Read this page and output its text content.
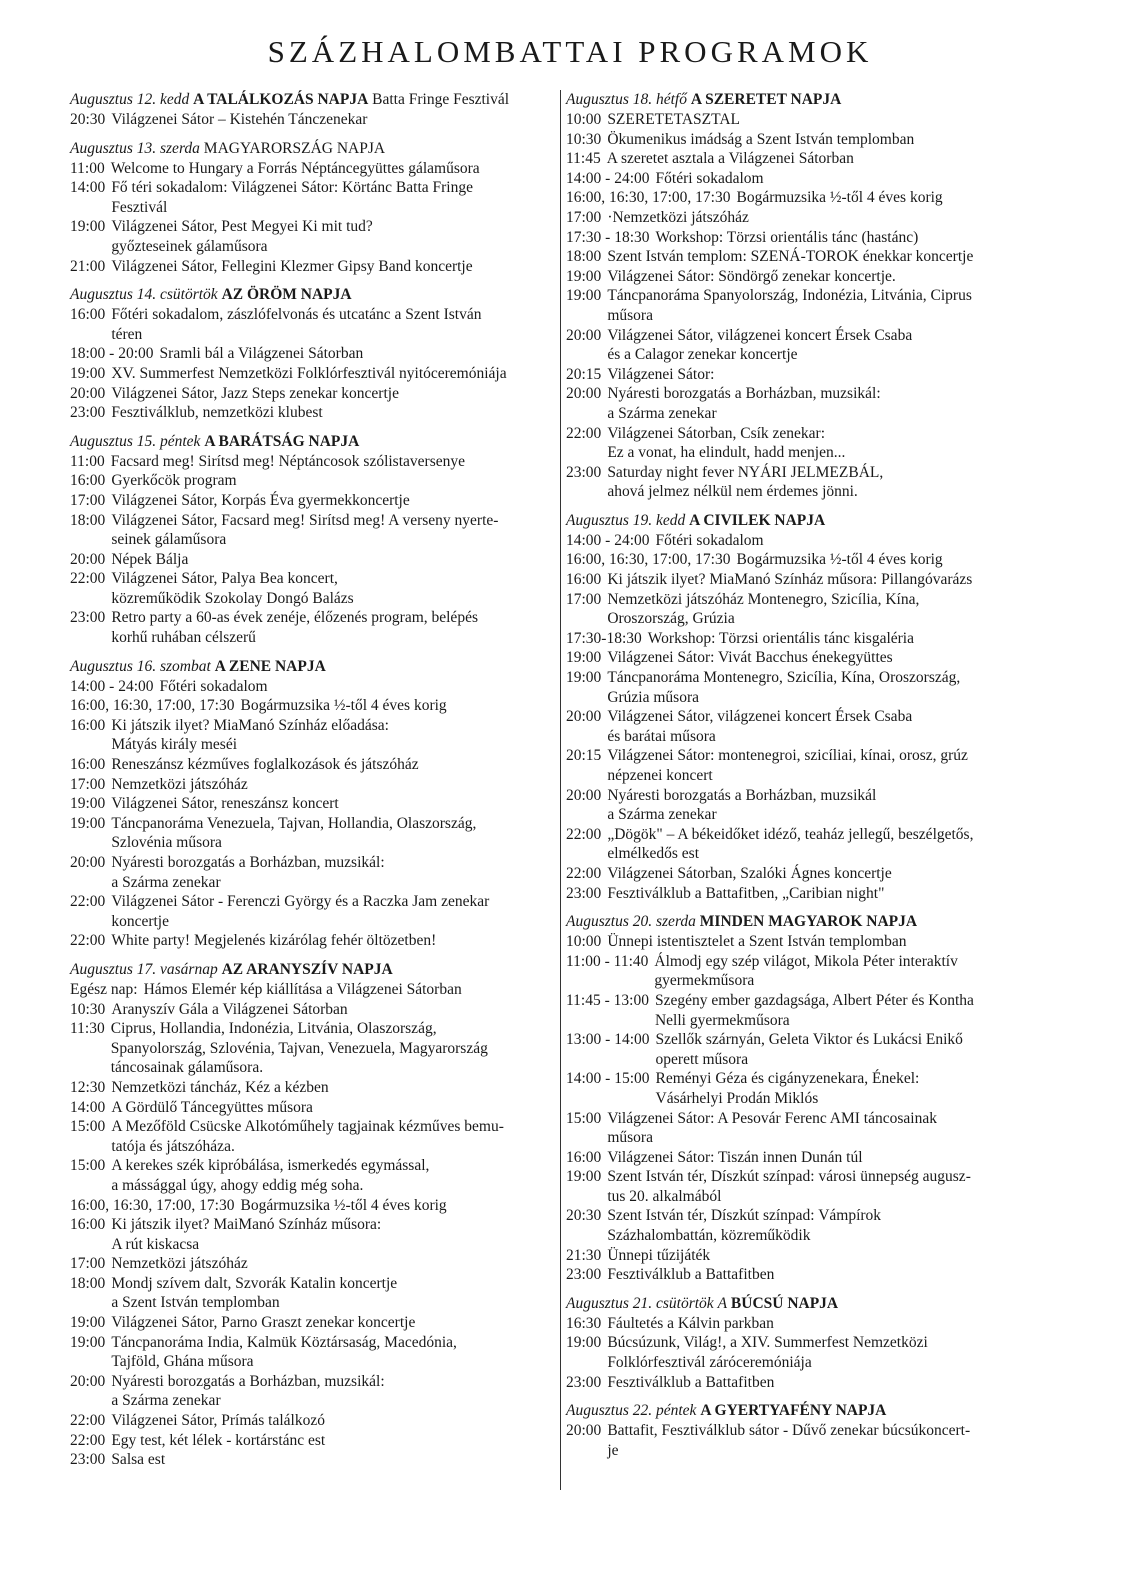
SZÁZHALOMBATTAI PROGRAMOK
Augusztus 12. kedd A TALÁLKOZÁS NAPJA Batta Fringe Fesztivál
20:30 Világzenei Sátor – Kistehén Tánczenekar
Augusztus 13. szerda MAGYARORSZÁG NAPJA
11:00 Welcome to Hungary a Forrás Néptáncegyüttes gálaműsora
14:00 Fő téri sokadalom: Világzenei Sátor: Körtánc Batta Fringe
Fesztivál
19:00 Világzenei Sátor, Pest Megyei Ki mit tud?
győzteseinek gálaműsora
21:00 Világzenei Sátor, Fellegini Klezmer Gipsy Band koncertje
Augusztus 14. csütörtök AZ ÖRÖM NAPJA
16:00 Főtéri sokadalom, zászlófelvonás és utcatánc a Szent István
téren
18:00 - 20:00 Sramli bál a Világzenei Sátorban
19:00 XV. Summerfest Nemzetközi Folklórfesztivál nyitóceremóniája
20:00 Világzenei Sátor, Jazz Steps zenekar koncertje
23:00 Fesztiválklub, nemzetközi klubest
Augusztus 15. péntek A BARÁTSÁG NAPJA
11:00 Facsard meg! Sirítsd meg! Néptáncosok szólistaversenye
16:00 Gyerkőcök program
17:00 Világzenei Sátor, Korpás Éva gyermekkoncertje
18:00 Világzenei Sátor, Facsard meg! Sirítsd meg! A verseny nyerte-
seinek gálaműsora
20:00 Népek Bálja
22:00 Világzenei Sátor, Palya Bea koncert,
közreműködik Szokolay Dongó Balázs
23:00 Retro party a 60-as évek zenéje, élőzenés program, belépés
korhű ruhában célszerű
Augusztus 16. szombat A ZENE NAPJA
14:00 - 24:00 Főtéri sokadalom
16:00, 16:30, 17:00, 17:30 Bogármuzsika ½-től 4 éves korig
16:00 Ki játszik ilyet? MiaManó Színház előadása:
Mátyás király meséi
16:00 Reneszánsz kézműves foglalkozások és játszóház
17:00 Nemzetközi játszóház
19:00 Világzenei Sátor, reneszánsz koncert
19:00 Táncpanoráma Venezuela, Tajvan, Hollandia, Olaszország,
Szlovénia műsora
20:00 Nyáresti borozgatás a Borházban, muzsikál:
a Szárma zenekar
22:00 Világzenei Sátor - Ferenczi György és a Raczka Jam zenekar
koncertje
22:00 White party! Megjelenés kizárólag fehér öltözetben!
Augusztus 17. vasárnap AZ ARANYSZÍV NAPJA
Egész nap: Hámos Elemér kép kiállítása a Világzenei Sátorban
10:30 Aranyszív Gála a Világzenei Sátorban
11:30 Ciprus, Hollandia, Indonézia, Litvánia, Olaszország,
Spanyolország, Szlovénia, Tajvan, Venezuela, Magyarország
táncosainak gálaműsora.
12:30 Nemzetközi táncház, Kéz a kézben
14:00 A Gördülő Táncegyüttes műsora
15:00 A Mezőföld Csücske Alkotóműhely tagjainak kézműves bemu-
tatója és játszóháza.
15:00 A kerekes szék kipróbálása, ismerkedés egymással,
a mássággal úgy, ahogy eddig még soha.
16:00, 16:30, 17:00, 17:30 Bogármuzsika ½-től 4 éves korig
16:00 Ki játszik ilyet? MaiManó Színház műsora:
A rút kiskacsa
17:00 Nemzetközi játszóház
18:00 Mondj szívem dalt, Szvorák Katalin koncertje
a Szent István templomban
19:00 Világzenei Sátor, Parno Graszt zenekar koncertje
19:00 Táncpanoráma India, Kalmük Köztársaság, Macedónia,
Tajföld, Ghána műsora
20:00 Nyáresti borozgatás a Borházban, muzsikál:
a Szárma zenekar
22:00 Világzenei Sátor, Prímás találkozó
22:00 Egy test, két lélek - kortárstánc est
23:00 Salsa est
Augusztus 18. hétfő A SZERETET NAPJA
10:00 SZERETETASZTAL
10:30 Ökumenikus imádság a Szent István templomban
11:45 A szeretet asztala a Világzenei Sátorban
14:00 - 24:00 Főtéri sokadalom
16:00, 16:30, 17:00, 17:30 Bogármuzsika ½-től 4 éves korig
17:00 ·Nemzetközi játszóház
17:30 - 18:30 Workshop: Törzsi orientális tánc (hastánc)
18:00 Szent István templom: SZENÁ-TOROK énekkar koncertje
19:00 Világzenei Sátor: Söndörgő zenekar koncertje.
19:00 Táncpanoráma Spanyolország, Indonézia, Litvánia, Ciprus
műsora
20:00 Világzenei Sátor, világzenei koncert Érsek Csaba
és a Calagor zenekar koncertje
20:15 Világzenei Sátor:
20:00 Nyáresti borozgatás a Borházban, muzsikál:
a Szárma zenekar
22:00 Világzenei Sátorban, Csík zenekar:
Ez a vonat, ha elindult, hadd menjen...
23:00 Saturday night fever NYÁRI JELMEZBÁL,
ahová jelmez nélkül nem érdemes jönni.
Augusztus 19. kedd A CIVILEK NAPJA
14:00 - 24:00 Főtéri sokadalom
16:00, 16:30, 17:00, 17:30 Bogármuzsika ½-től 4 éves korig
16:00 Ki játszik ilyet? MiaManó Színház műsora: Pillangóvarázs
17:00 Nemzetközi játszóház Montenegro, Szicília, Kína,
Oroszország, Grúzia
17:30-18:30 Workshop: Törzsi orientális tánc kisgaléria
19:00 Világzenei Sátor: Vivát Bacchus énekegyüttes
19:00 Táncpanoráma Montenegro, Szicília, Kína, Oroszország,
Grúzia műsora
20:00 Világzenei Sátor, világzenei koncert Érsek Csaba
és barátai műsora
20:15 Világzenei Sátor: montenegroi, szicíliai, kínai, orosz, grúz
népzenei koncert
20:00 Nyáresti borozgatás a Borházban, muzsikál
a Szárma zenekar
22:00 „Dögök" – A békeidőket idéző, teaház jellegű, beszélgetős,
elmélkedős est
22:00 Világzenei Sátorban, Szalóki Ágnes koncertje
23:00 Fesztiválklub a Battafitben, „Caribian night"
Augusztus 20. szerda MINDEN MAGYAROK NAPJA
10:00 Ünnepi istentisztelet a Szent István templomban
11:00 - 11:40 Álmodj egy szép világot, Mikola Péter interaktív
gyermekműsora
11:45 - 13:00 Szegény ember gazdagsága, Albert Péter és Kontha
Nelli gyermekműsora
13:00 - 14:00 Szellők szárnyán, Geleta Viktor és Lukácsi Enikő
operett műsora
14:00 - 15:00 Reményi Géza és cigányzenekara, Énekel:
Vásárhelyi Prodán Miklós
15:00 Világzenei Sátor: A Pesovár Ferenc AMI táncosainak
műsora
16:00 Világzenei Sátor: Tiszán innen Dunán túl
19:00 Szent István tér, Díszkút színpad: városi ünnepség augusz-
tus 20. alkalmából
20:30 Szent István tér, Díszkút színpad: Vámpírok
Százhalombattán, közreműködik
21:30 Ünnepi tűzijáték
23:00 Fesztiválklub a Battafitben
Augusztus 21. csütörtök A BÚCSÚ NAPJA
16:30 Fáultetés a Kálvin parkban
19:00 Búcsúzunk, Világ!, a XIV. Summerfest Nemzetközi
Folklórfesztivál záróceremóniája
23:00 Fesztiválklub a Battafitben
Augusztus 22. péntek A GYERTYAFÉNY NAPJA
20:00 Battafit, Fesztiválklub sátor - Dűvő zenekar búcsúkoncert-
je
